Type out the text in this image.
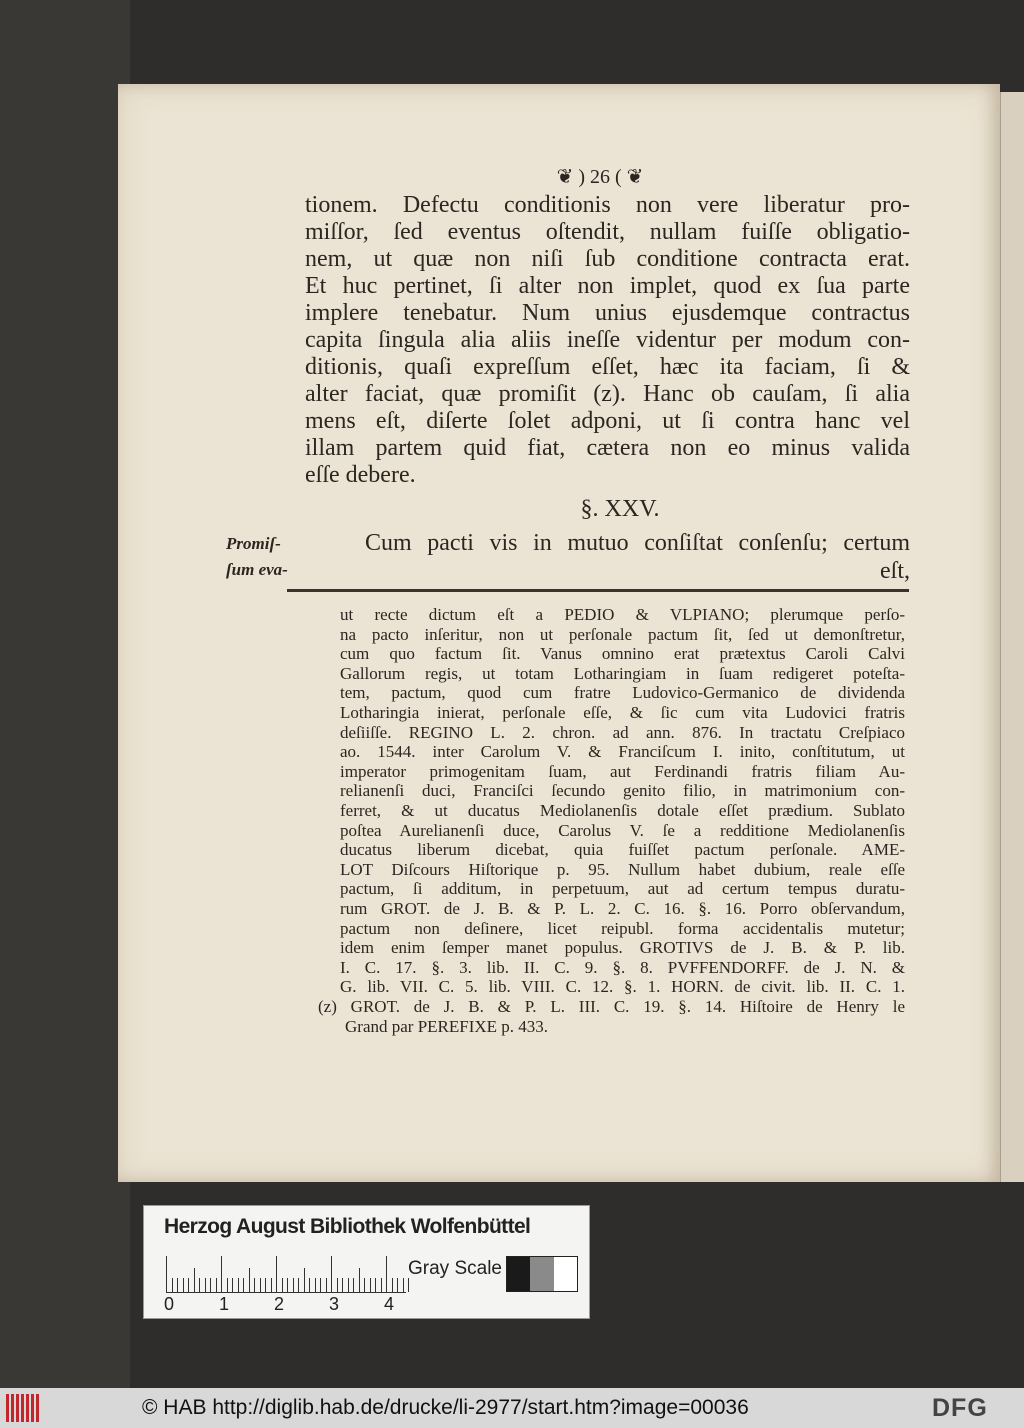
❦ ) 26 ( ❦
tionem. Defectu conditionis non vere liberatur pro-
miſſor, ſed eventus oſtendit, nullam fuiſſe obligatio-
nem, ut quæ non niſi ſub conditione contracta erat.
Et huc pertinet, ſi alter non implet, quod ex ſua parte
implere tenebatur. Num unius ejusdemque contractus
capita ſingula alia aliis ineſſe videntur per modum con-
ditionis, quaſi expreſſum eſſet, hæc ita faciam, ſi &
alter faciat, quæ promiſit (z). Hanc ob cauſam, ſi alia
mens eſt, diſerte ſolet adponi, ut ſi contra hanc vel
illam partem quid fiat, cætera non eo minus valida
eſſe debere.
§. XXV.
Promiſ-
ſum eva-
Cum pacti vis in mutuo conſiſtat conſenſu; certum
eſt,
ut recte dictum eſt a PEDIO & VLPIANO; plerumque perſo-
na pacto inſeritur, non ut perſonale pactum ſit, ſed ut demonſtretur,
cum quo factum ſit. Vanus omnino erat prætextus Caroli Calvi
Gallorum regis, ut totam Lotharingiam in ſuam redigeret poteſta-
tem, pactum, quod cum fratre Ludovico-Germanico de dividenda
Lotharingia inierat, perſonale eſſe, & ſic cum vita Ludovici fratris
deſiiſſe. REGINO L. 2. chron. ad ann. 876. In tractatu Creſpiaco
ao. 1544. inter Carolum V. & Franciſcum I. inito, conſtitutum, ut
imperator primogenitam ſuam, aut Ferdinandi fratris filiam Au-
relianenſi duci, Franciſci ſecundo genito filio, in matrimonium con-
ferret, & ut ducatus Mediolanenſis dotale eſſet prædium. Sublato
poſtea Aurelianenſi duce, Carolus V. ſe a redditione Mediolanenſis
ducatus liberum dicebat, quia fuiſſet pactum perſonale. AME-
LOT Diſcours Hiſtorique p. 95. Nullum habet dubium, reale eſſe
pactum, ſi additum, in perpetuum, aut ad certum tempus duratu-
rum GROT. de J. B. & P. L. 2. C. 16. §. 16. Porro obſervandum,
pactum non deſinere, licet reipubl. forma accidentalis mutetur;
idem enim ſemper manet populus. GROTIVS de J. B. & P. lib.
I. C. 17. §. 3. lib. II. C. 9. §. 8. PVFFENDORFF. de J. N. &
G. lib. VII. C. 5. lib. VIII. C. 12. §. 1. HORN. de civit. lib. II. C. 1.
(z) GROT. de J. B. & P. L. III. C. 19. §. 14. Hiſtoire de Henry le
Grand par PEREFIXE p. 433.
Herzog August Bibliothek Wolfenbüttel
0 1 2 3 4
Gray Scale
© HAB http://diglib.hab.de/drucke/li-2977/start.htm?image=00036	DFG
